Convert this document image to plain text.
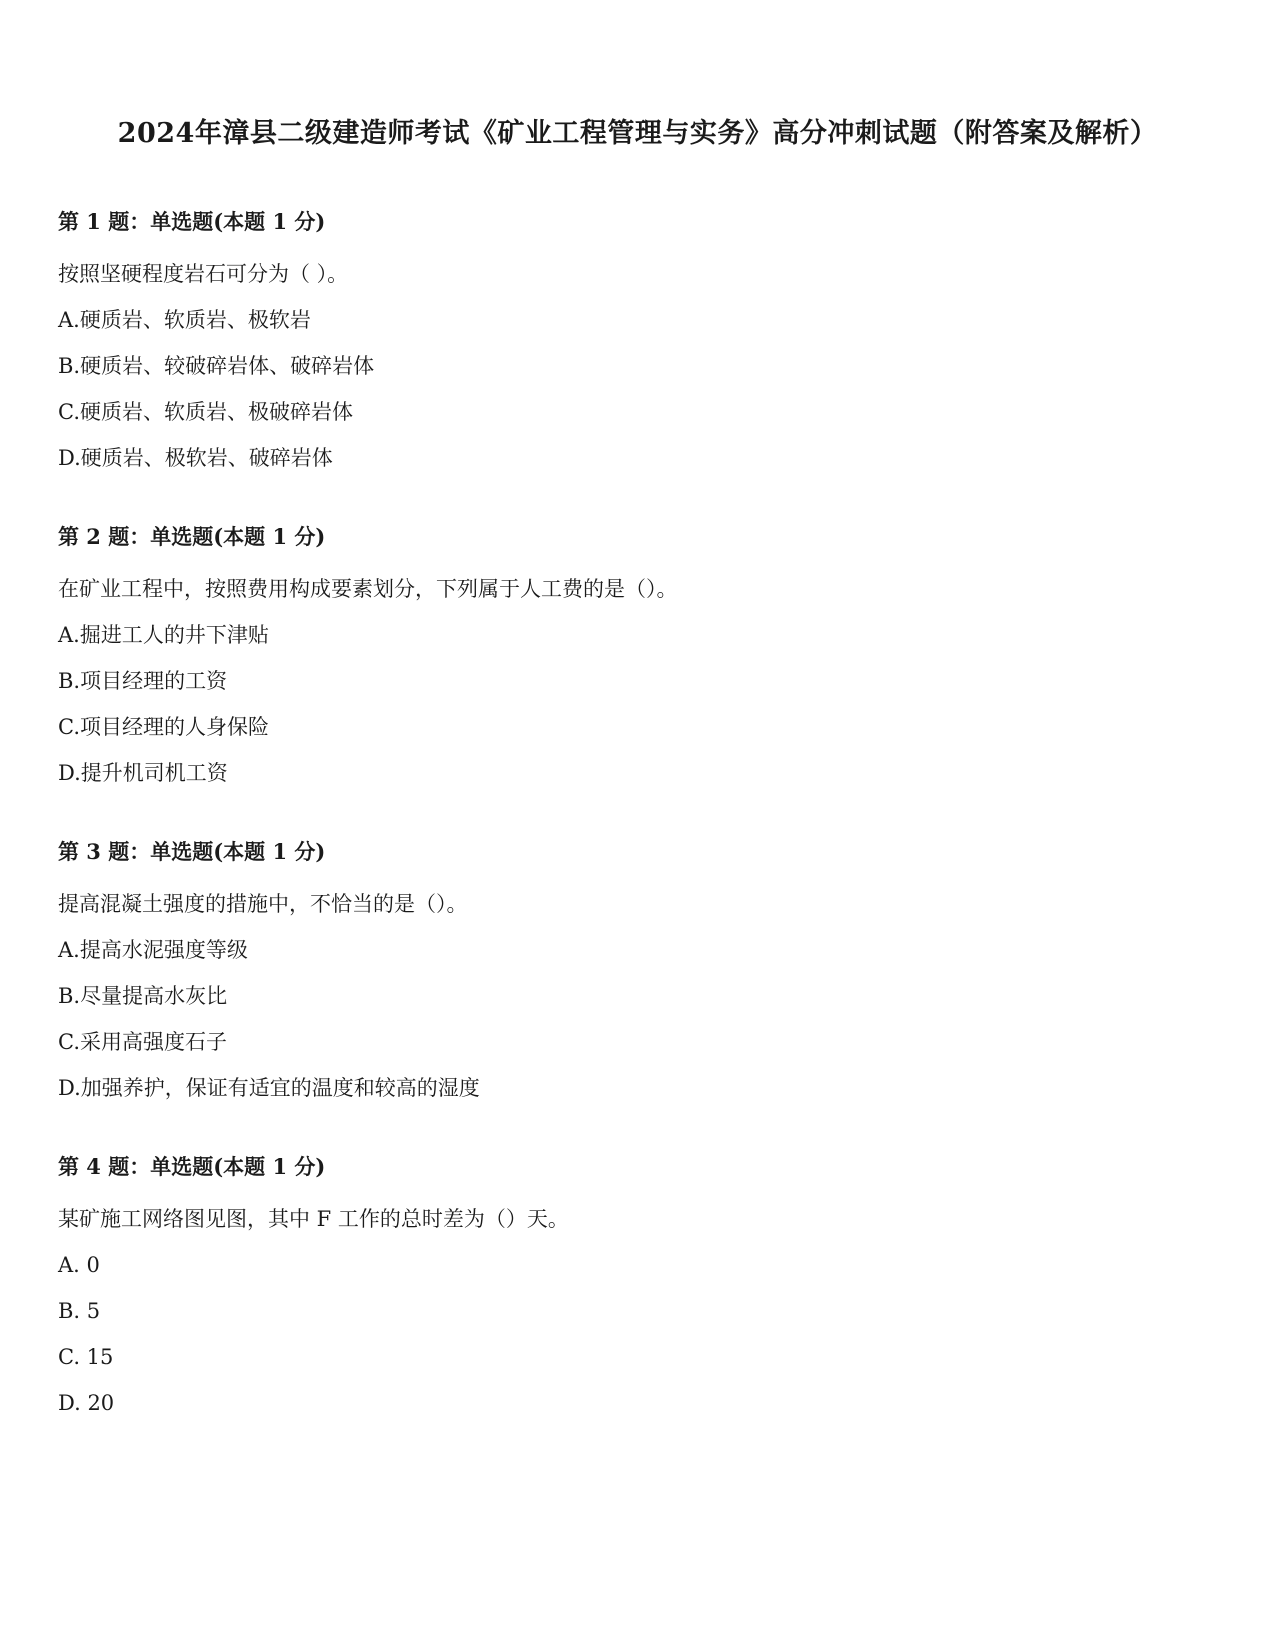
2024年漳县二级建造师考试《矿业工程管理与实务》高分冲刺试题（附答案及解析）
第 1 题：单选题(本题 1 分)
按照坚硬程度岩石可分为（ ）。
A.硬质岩、软质岩、极软岩
B.硬质岩、较破碎岩体、破碎岩体
C.硬质岩、软质岩、极破碎岩体
D.硬质岩、极软岩、破碎岩体
第 2 题：单选题(本题 1 分)
在矿业工程中，按照费用构成要素划分，下列属于人工费的是（）。
A.掘进工人的井下津贴
B.项目经理的工资
C.项目经理的人身保险
D.提升机司机工资
第 3 题：单选题(本题 1 分)
提高混凝土强度的措施中，不恰当的是（）。
A.提高水泥强度等级
B.尽量提高水灰比
C.采用高强度石子
D.加强养护，保证有适宜的温度和较高的湿度
第 4 题：单选题(本题 1 分)
某矿施工网络图见图，其中 F 工作的总时差为（）天。
A. 0
B. 5
C. 15
D. 20
